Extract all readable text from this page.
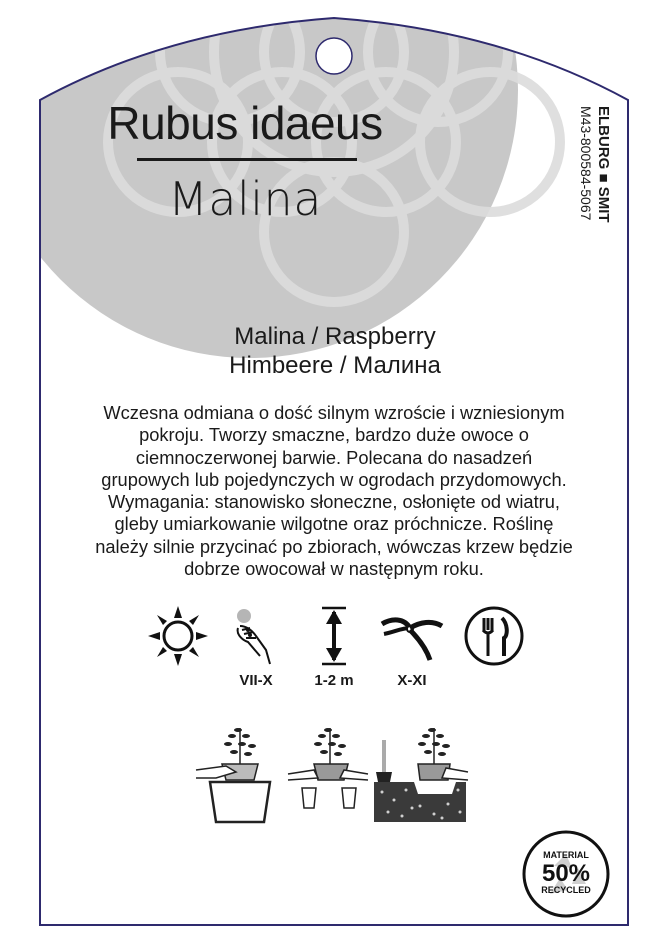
Rubus idaeus
Malina	ELBURG ■ SMIT
M43-800584-5067
Malina / Raspberry
Himbeere / Малина
Wczesna odmiana o dość silnym wzroście i wzniesionym
pokroju. Tworzy smaczne, bardzo duże owoce o
ciemnoczerwonej barwie. Polecana do nasadzeń
grupowych lub pojedynczych w ogrodach przydomowych.
Wymagania: stanowisko słoneczne, osłonięte od wiatru,
gleby umiarkowanie wilgotne oraz próchnicze. Roślinę
należy silnie przycinać po zbiorach, wówczas krzew będzie
dobrze owocował w następnym roku.
VII-X	1-2 m	X-XI
MATERIAL
50%
RECYCLED
